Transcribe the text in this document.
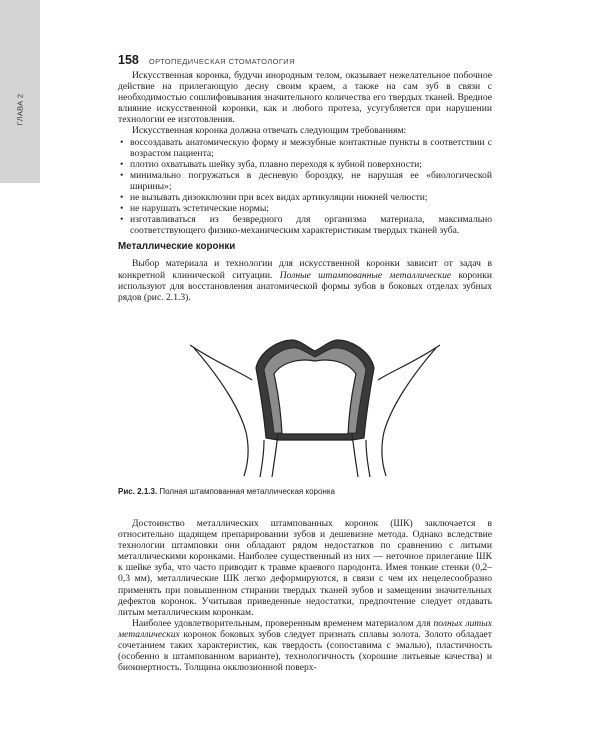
ГЛАВА 2
158 ОРТОПЕДИЧЕСКАЯ СТОМАТОЛОГИЯ

Искусственная коронка, будучи инородным телом, оказывает нежелательное побочное действие на прилегающую десну своим краем, а также на сам зуб в связи с необходимостью сошлифовывания значительного количества его твердых тканей. Вредное влияние искусственной коронки, как и любого протеза, усугубляется при нарушении технологии ее изготовления.

Искусственная коронка должна отвечать следующим требованиям:

• воссоздавать анатомическую форму и межзубные контактные пункты в соответствии с возрастом пациента;
• плотно охватывать шейку зуба, плавно переходя к зубной поверхности;
• минимально погружаться в десневую бороздку, не нарушая ее «биологической ширины»;
• не вызывать дизокклюзии при всех видах артикуляции нижней челюсти;
• не нарушать эстетические нормы;
• изготавливаться из безвредного для организма материала, максимально соответствующего физико-механическим характеристикам твердых тканей зуба.
Металлические коронки

Выбор материала и технологии для искусственной коронки зависит от задач в конкретной клинической ситуации. Полные штампованные металлические коронки используют для восстановления анатомической формы зубов в боковых отделах зубных рядов (рис. 2.1.3).

Рис. 2.1.3. Полная штампованная металлическая коронка

Достоинство металлических штампованных коронок (ШК) заключается в относительно щадящем препарировании зубов и дешевизне метода. Однако вследствие технологии штамповки они обладают рядом недостатков по сравнению с литыми металлическими коронками. Наиболее существенный из них — неточное прилегание ШК к шейке зуба, что часто приводит к травме краевого пародонта. Имея тонкие стенки (0,2–0,3 мм), металлические ШК легко деформируются, в связи с чем их нецелесообразно применять при повышенном стирании твердых тканей зубов и замещении значительных дефектов коронок. Учитывая приведенные недостатки, предпочтение следует отдавать литым металлическим коронкам.

Наиболее удовлетворительным, проверенным временем материалом для полных литых металлических коронок боковых зубов следует признать сплавы золота. Золото обладает сочетанием таких характеристик, как твердость (сопоставима с эмалью), пластичность (особенно в штампованном варианте), технологичность (хорошие литьевые качества) и биоинертность. Толщина окклюзионной поверх-
